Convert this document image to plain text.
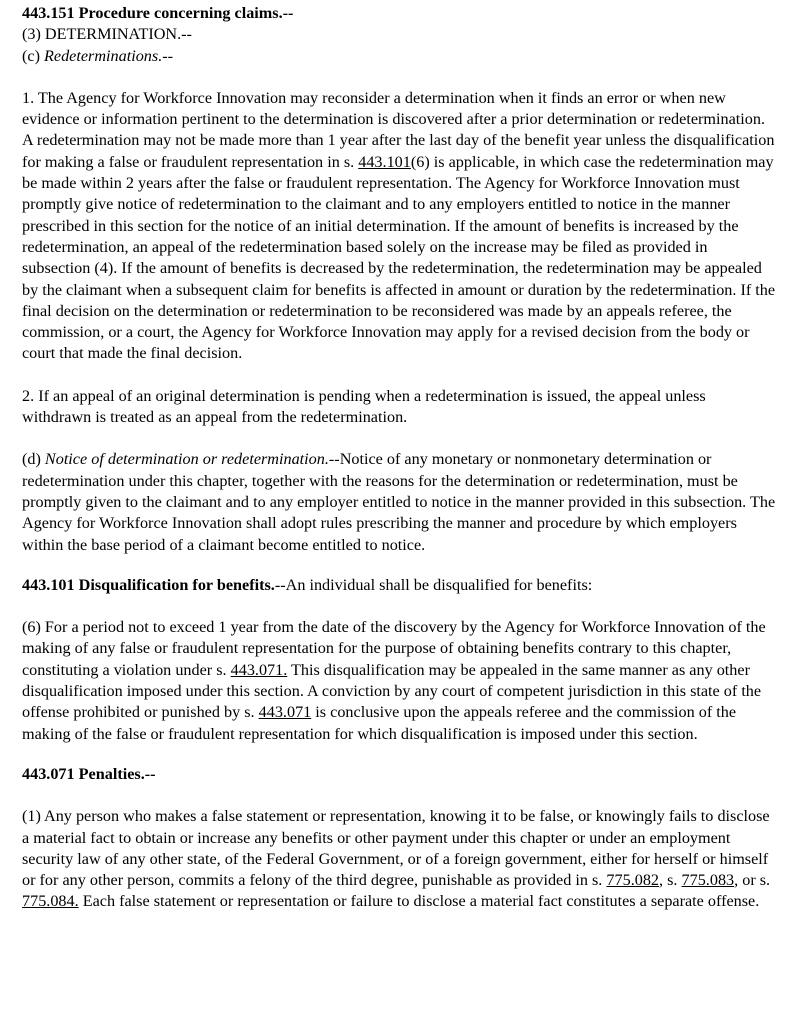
443.151 Procedure concerning claims.--

(3) DETERMINATION.--

(c) Redeterminations.--

1. The Agency for Workforce Innovation may reconsider a determination when it finds an error or when new evidence or information pertinent to the determination is discovered after a prior determination or redetermination. A redetermination may not be made more than 1 year after the last day of the benefit year unless the disqualification for making a false or fraudulent representation in s. 443.101(6) is applicable, in which case the redetermination may be made within 2 years after the false or fraudulent representation. The Agency for Workforce Innovation must promptly give notice of redetermination to the claimant and to any employers entitled to notice in the manner prescribed in this section for the notice of an initial determination. If the amount of benefits is increased by the redetermination, an appeal of the redetermination based solely on the increase may be filed as provided in subsection (4). If the amount of benefits is decreased by the redetermination, the redetermination may be appealed by the claimant when a subsequent claim for benefits is affected in amount or duration by the redetermination. If the final decision on the determination or redetermination to be reconsidered was made by an appeals referee, the commission, or a court, the Agency for Workforce Innovation may apply for a revised decision from the body or court that made the final decision.

2. If an appeal of an original determination is pending when a redetermination is issued, the appeal unless withdrawn is treated as an appeal from the redetermination.

(d) Notice of determination or redetermination.--Notice of any monetary or nonmonetary determination or redetermination under this chapter, together with the reasons for the determination or redetermination, must be promptly given to the claimant and to any employer entitled to notice in the manner provided in this subsection. The Agency for Workforce Innovation shall adopt rules prescribing the manner and procedure by which employers within the base period of a claimant become entitled to notice.

443.101 Disqualification for benefits.--An individual shall be disqualified for benefits:

(6) For a period not to exceed 1 year from the date of the discovery by the Agency for Workforce Innovation of the making of any false or fraudulent representation for the purpose of obtaining benefits contrary to this chapter, constituting a violation under s. 443.071. This disqualification may be appealed in the same manner as any other disqualification imposed under this section. A conviction by any court of competent jurisdiction in this state of the offense prohibited or punished by s. 443.071 is conclusive upon the appeals referee and the commission of the making of the false or fraudulent representation for which disqualification is imposed under this section.

443.071 Penalties.--

(1) Any person who makes a false statement or representation, knowing it to be false, or knowingly fails to disclose a material fact to obtain or increase any benefits or other payment under this chapter or under an employment security law of any other state, of the Federal Government, or of a foreign government, either for herself or himself or for any other person, commits a felony of the third degree, punishable as provided in s. 775.082, s. 775.083, or s. 775.084. Each false statement or representation or failure to disclose a material fact constitutes a separate offense.
